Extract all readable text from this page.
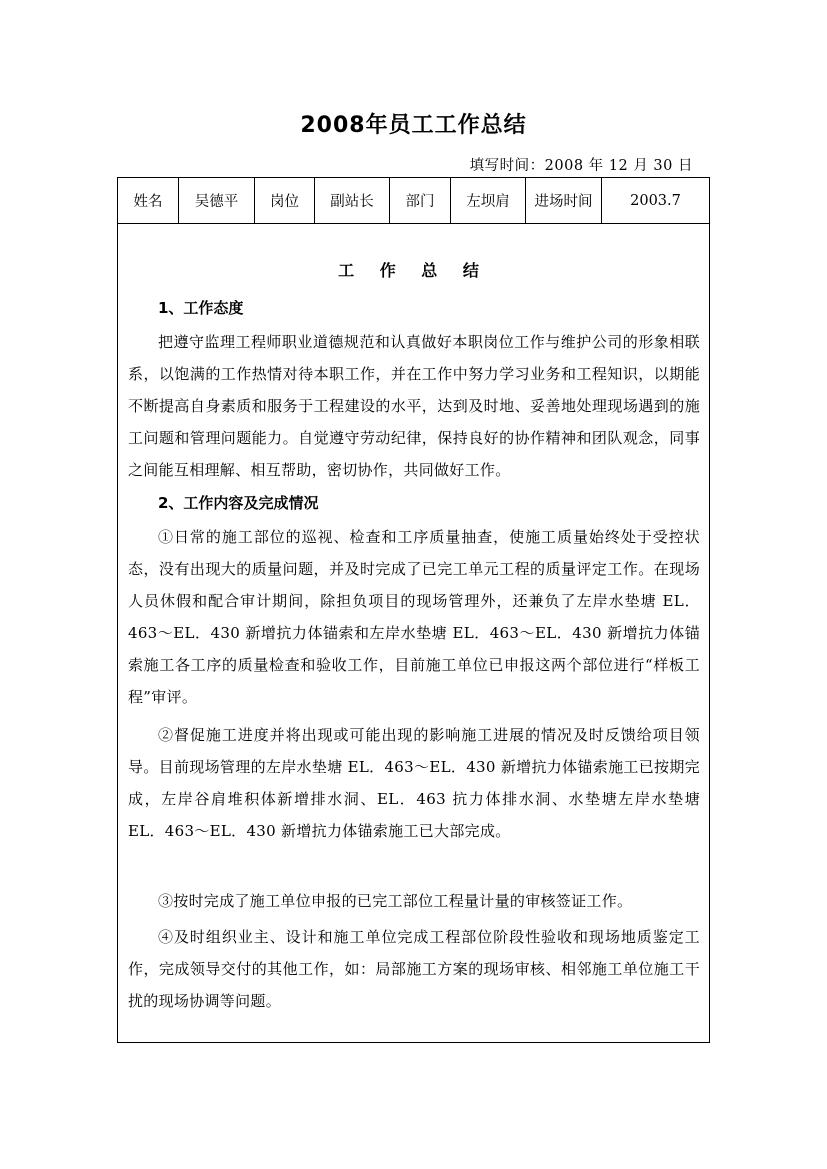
2008年员工工作总结
填写时间：2008 年 12 月 30 日
姓名	吴德平	岗位	副站长	部门	左坝肩	进场时间	2003.7
工 作 总 结
1、工作态度
把遵守监理工程师职业道德规范和认真做好本职岗位工作与维护公司的形象相联系，以饱满的工作热情对待本职工作，并在工作中努力学习业务和工程知识，以期能不断提高自身素质和服务于工程建设的水平，达到及时地、妥善地处理现场遇到的施工问题和管理问题能力。自觉遵守劳动纪律，保持良好的协作精神和团队观念，同事之间能互相理解、相互帮助，密切协作，共同做好工作。
2、工作内容及完成情况
①日常的施工部位的巡视、检查和工序质量抽查，使施工质量始终处于受控状态，没有出现大的质量问题，并及时完成了已完工单元工程的质量评定工作。在现场人员休假和配合审计期间，除担负项目的现场管理外，还兼负了左岸水垫塘 EL．463～EL．430 新增抗力体锚索和左岸水垫塘 EL．463～EL．430 新增抗力体锚索施工各工序的质量检查和验收工作，目前施工单位已申报这两个部位进行“样板工程”审评。
②督促施工进度并将出现或可能出现的影响施工进展的情况及时反馈给项目领导。目前现场管理的左岸水垫塘 EL．463～EL．430 新增抗力体锚索施工已按期完成，左岸谷肩堆积体新增排水洞、EL．463 抗力体排水洞、水垫塘左岸水垫塘 EL．463～EL．430 新增抗力体锚索施工已大部完成。
③按时完成了施工单位申报的已完工部位工程量计量的审核签证工作。
④及时组织业主、设计和施工单位完成工程部位阶段性验收和现场地质鉴定工作，完成领导交付的其他工作，如：局部施工方案的现场审核、相邻施工单位施工干扰的现场协调等问题。
